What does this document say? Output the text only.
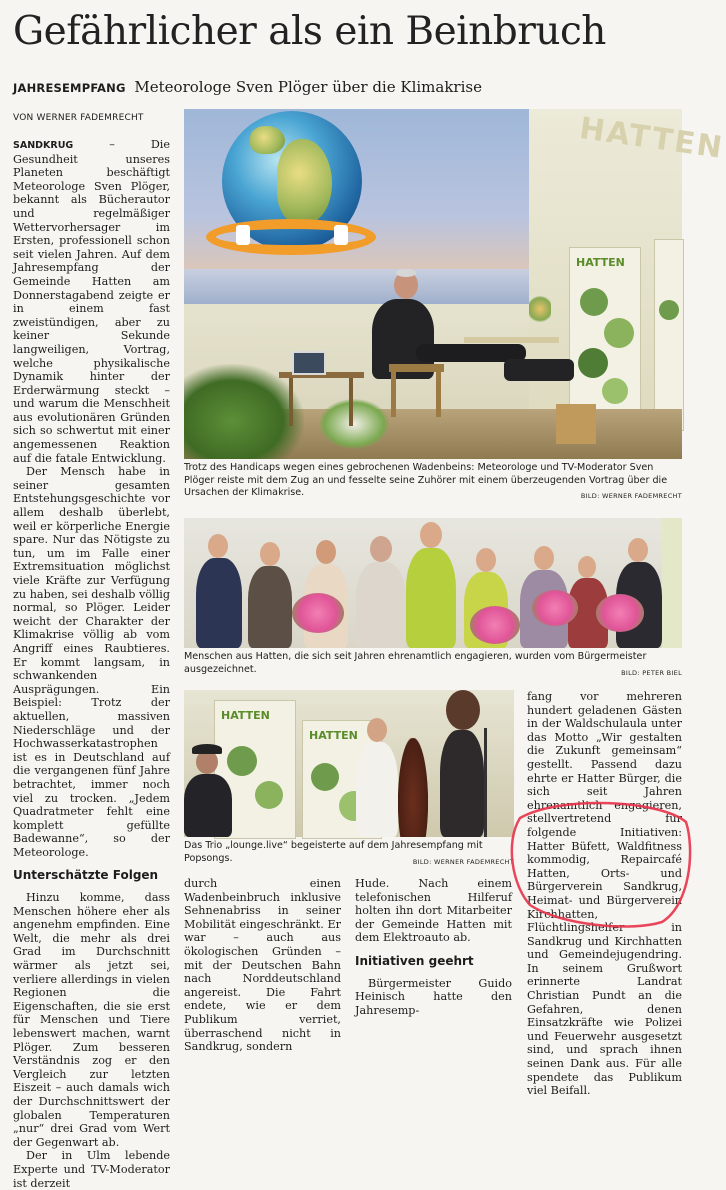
Gefährlicher als ein Beinbruch
JAHRESEMPFANG Meteorologe Sven Plöger über die Klimakrise
VON WERNER FADEMRECHT

SANDKRUG	– Die Gesundheit unseres Planeten beschäftigt Meteorologe Sven Plöger, bekannt als Bücherautor und regelmäßiger Wettervorhersager im Ersten, professionell schon seit vielen Jahren. Auf dem Jahresempfang der Gemeinde Hatten am Donnerstagabend zeigte er in einem fast zweistündigen, aber zu keiner Sekunde langweiligen, Vortrag, welche physikalische Dynamik hinter der Erderwärmung steckt – und warum die Menschheit aus evolutionären Gründen sich so schwertut mit einer angemessenen Reaktion auf die fatale Entwicklung.

Der Mensch habe in seiner gesamten Entstehungsgeschichte vor allem deshalb überlebt, weil er körperliche Energie spare. Nur das Nötigste zu tun, um im Falle einer Extremsituation möglichst viele Kräfte zur Verfügung zu haben, sei deshalb völlig normal, so Plöger. Leider weicht der Charakter der Klimakrise völlig ab vom Angriff eines Raubtieres. Er kommt langsam, in schwankenden Ausprägungen. Ein Beispiel: Trotz der aktuellen, massiven Niederschläge und der Hochwasserkatastrophen ist es in Deutschland auf die vergangenen fünf Jahre betrachtet, immer noch viel zu trocken. „Jedem Quadratmeter fehlt eine komplett gefüllte Badewanne“, so der Meteorologe.

Unterschätzte Folgen

Hinzu komme, dass Menschen höhere eher als angenehm empfinden. Eine Welt, die mehr als drei Grad im Durchschnitt wärmer als jetzt sei, verliere allerdings in vielen Regionen die Eigenschaften, die sie erst für Menschen und Tiere lebenswert machen, warnt Plöger. Zum besseren Verständnis zog er den Vergleich zur letzten Eiszeit – auch damals wich der Durchschnittswert der globalen Temperaturen „nur“ drei Grad vom Wert der Gegenwart ab.

Der in Ulm lebende Experte und TV-Moderator ist derzeit

HATTEN
HATTEN
Trotz des Handicaps wegen eines gebrochenen Wadenbeins: Meteorologe und TV-Moderator Sven Plöger reiste mit dem Zug an und fesselte seine Zuhörer mit einem überzeugenden Vortrag über die Ursachen der Klimakrise.	BILD: WERNER FADEMRECHT
Menschen aus Hatten, die sich seit Jahren ehrenamtlich engagieren, wurden vom Bürgermeister ausgezeichnet.	BILD: PETER BIEL
HATTEN
HATTEN
Das Trio „lounge.live“ begeisterte auf dem Jahresempfang mit Popsongs.	BILD: WERNER FADEMRECHT

durch einen Wadenbeinbruch inklusive Sehnenabriss in seiner Mobilität eingeschränkt. Er war – auch aus ökologischen Gründen – mit der Deutschen Bahn nach Norddeutschland angereist. Die Fahrt endete, wie er dem Publikum verriet, überraschend nicht in Sandkrug, sondern

Hude. Nach einem telefonischen Hilferuf holten ihn dort Mitarbeiter der Gemeinde Hatten mit dem Elektroauto ab.

Initiativen geehrt

Bürgermeister Guido Heinisch hatte den Jahresemp-

fang vor mehreren hundert geladenen Gästen in der Waldschulaula unter das Motto „Wir gestalten die Zukunft gemeinsam“ gestellt. Passend dazu ehrte er Hatter Bürger, die sich seit Jahren ehrenamtlich engagieren, stellvertretend für folgende Initiativen: Hatter Büfett, Waldfitness kommodig, Repaircafé Hatten, Orts- und Bürgerverein Sandkrug, Heimat- und Bürgerverein Kirchhatten, Flüchtlingshelfer in Sandkrug und Kirchhatten und Gemeindejugendring. In seinem Grußwort erinnerte Landrat Christian Pundt an die Gefahren, denen Einsatzkräfte wie Polizei und Feuerwehr ausgesetzt sind, und sprach ihnen seinen Dank aus. Für alle spendete das Publikum viel Beifall.
